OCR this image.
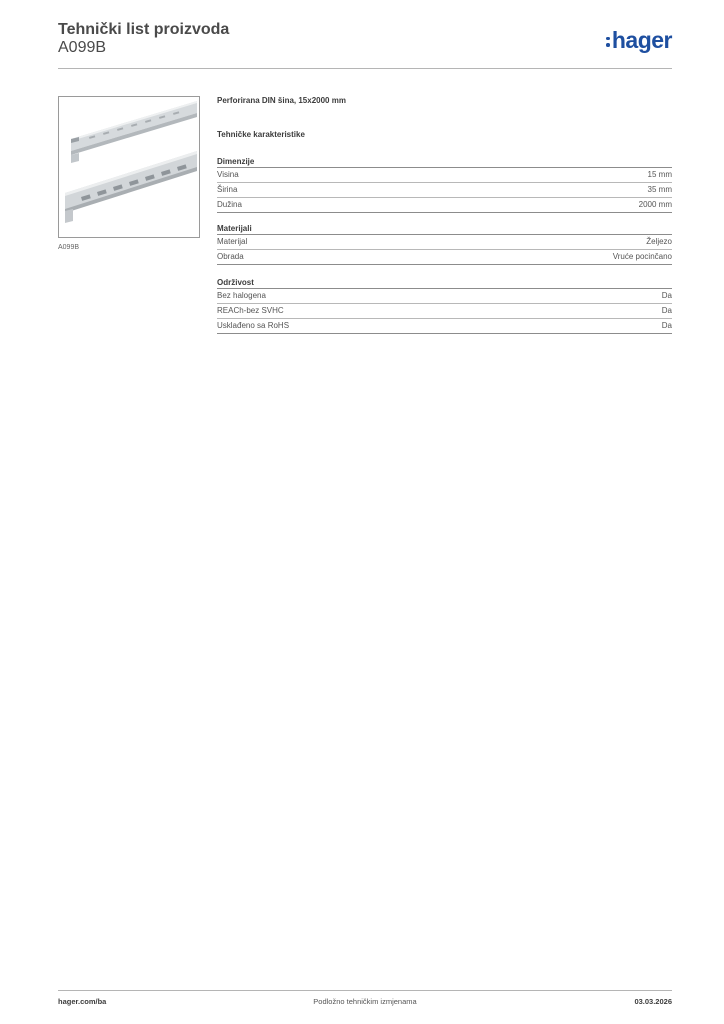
Tehnički list proizvoda
A099B	hager
A099B
Perforirana DIN šina, 15x2000 mm
Tehničke karakteristike
Dimenzije
Visina	15 mm
Širina	35 mm
Dužina	2000 mm
Materijali
Materijal	Željezo
Obrada	Vruće pocinčano
Održivost
Bez halogena	Da
REACh-bez SVHC	Da
Usklađeno sa RoHS	Da
hager.com/ba	Podložno tehničkim izmjenama	03.03.2026
